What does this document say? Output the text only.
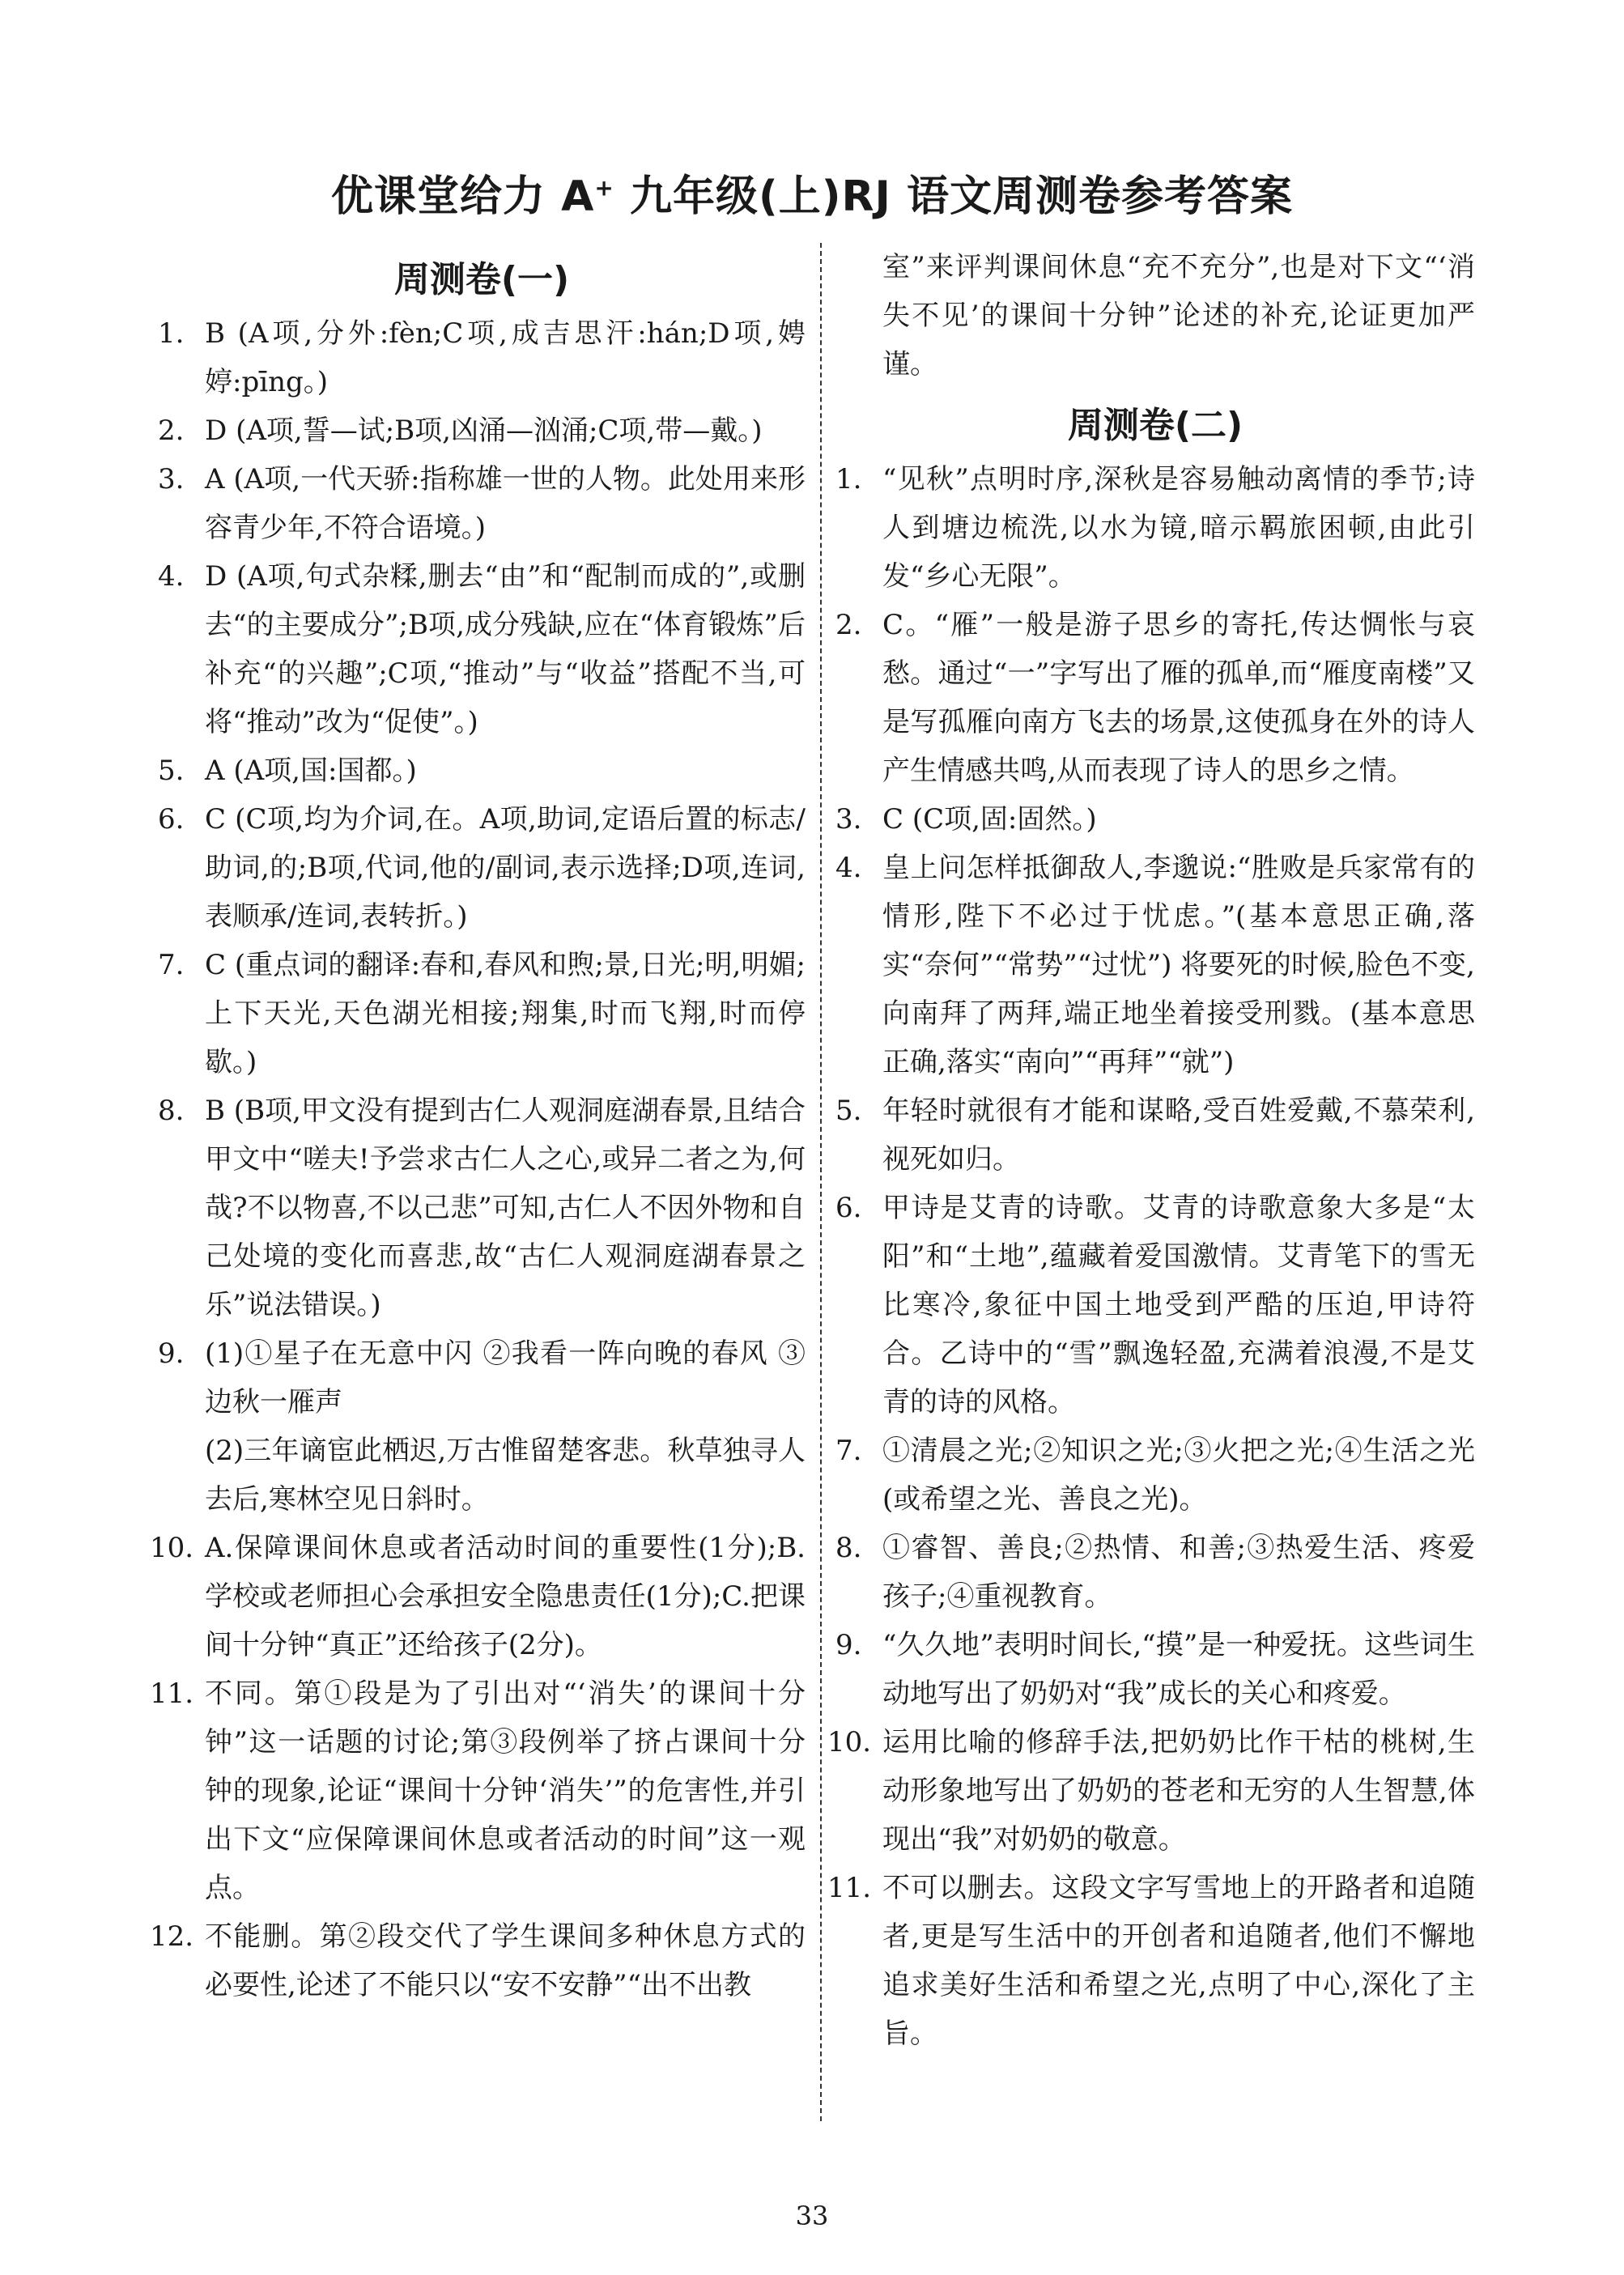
优课堂给力 A+ 九年级(上)RJ 语文周测卷参考答案
周测卷(一)
1. B (A项,分外:fèn;C项,成吉思汗:hán;D项,娉婷:pīng。)
2. D (A项,誓—试;B项,凶涌—汹涌;C项,带—戴。)
3. A (A项,一代天骄:指称雄一世的人物。此处用来形容青少年,不符合语境。)
4. D (A项,句式杂糅,删去“由”和“配制而成的”,或删去“的主要成分”;B项,成分残缺,应在“体育锻炼”后补充“的兴趣”;C项,“推动”与“收益”搭配不当,可将“推动”改为“促使”。)
5. A (A项,国:国都。)
6. C (C项,均为介词,在。A项,助词,定语后置的标志/助词,的;B项,代词,他的/副词,表示选择;D项,连词,表顺承/连词,表转折。)
7. C (重点词的翻译:春和,春风和煦;景,日光;明,明媚;上下天光,天色湖光相接;翔集,时而飞翔,时而停歇。)
8. B (B项,甲文没有提到古仁人观洞庭湖春景,且结合甲文中“嗟夫!予尝求古仁人之心,或异二者之为,何哉?不以物喜,不以己悲”可知,古仁人不因外物和自己处境的变化而喜悲,故“古仁人观洞庭湖春景之乐”说法错误。)
9. (1)①星子在无意中闪 ②我看一阵向晚的春风 ③边秋一雁声
(2)三年谪宦此栖迟,万古惟留楚客悲。秋草独寻人去后,寒林空见日斜时。
10. A.保障课间休息或者活动时间的重要性(1分);B.学校或老师担心会承担安全隐患责任(1分);C.把课间十分钟“真正”还给孩子(2分)。
11. 不同。第①段是为了引出对“‘消失’的课间十分钟”这一话题的讨论;第③段例举了挤占课间十分钟的现象,论证“课间十分钟‘消失’”的危害性,并引出下文“应保障课间休息或者活动的时间”这一观点。
12. 不能删。第②段交代了学生课间多种休息方式的必要性,论述了不能只以“安不安静”“出不出教
室”来评判课间休息“充不充分”,也是对下文“‘消失不见’的课间十分钟”论述的补充,论证更加严谨。
周测卷(二)
1. “见秋”点明时序,深秋是容易触动离情的季节;诗人到塘边梳洗,以水为镜,暗示羁旅困顿,由此引发“乡心无限”。
2. C。“雁”一般是游子思乡的寄托,传达惆怅与哀愁。通过“一”字写出了雁的孤单,而“雁度南楼”又是写孤雁向南方飞去的场景,这使孤身在外的诗人产生情感共鸣,从而表现了诗人的思乡之情。
3. C (C项,固:固然。)
4. 皇上问怎样抵御敌人,李邈说:“胜败是兵家常有的情形,陛下不必过于忧虑。”(基本意思正确,落实“奈何”“常势”“过忧”) 将要死的时候,脸色不变,向南拜了两拜,端正地坐着接受刑戮。(基本意思正确,落实“南向”“再拜”“就”)
5. 年轻时就很有才能和谋略,受百姓爱戴,不慕荣利,视死如归。
6. 甲诗是艾青的诗歌。艾青的诗歌意象大多是“太阳”和“土地”,蕴藏着爱国激情。艾青笔下的雪无比寒冷,象征中国土地受到严酷的压迫,甲诗符合。乙诗中的“雪”飘逸轻盈,充满着浪漫,不是艾青的诗的风格。
7. ①清晨之光;②知识之光;③火把之光;④生活之光(或希望之光、善良之光)。
8. ①睿智、善良;②热情、和善;③热爱生活、疼爱孩子;④重视教育。
9. “久久地”表明时间长,“摸”是一种爱抚。这些词生动地写出了奶奶对“我”成长的关心和疼爱。
10. 运用比喻的修辞手法,把奶奶比作干枯的桃树,生动形象地写出了奶奶的苍老和无穷的人生智慧,体现出“我”对奶奶的敬意。
11. 不可以删去。这段文字写雪地上的开路者和追随者,更是写生活中的开创者和追随者,他们不懈地追求美好生活和希望之光,点明了中心,深化了主旨。
33
